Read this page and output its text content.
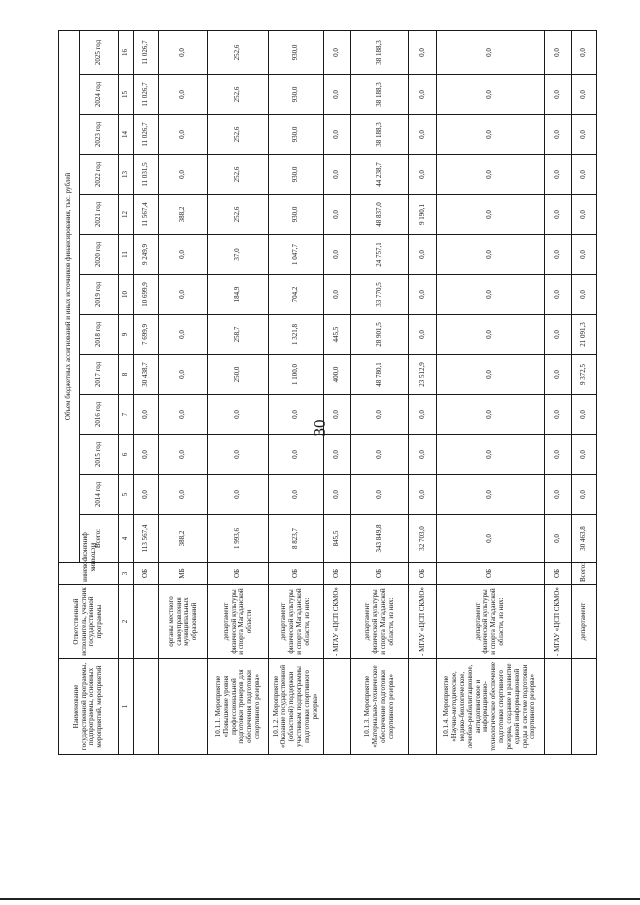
30
Наименование государственной программы, подпрограммы, основных мероприятий, мероприятий	Ответственный исполнитель, участник государственной программы	Источник финансирования	Объем бюджетных ассигнований и иных источников финансирования, тыс. рублей												
			Всего:	2014 год	2015 год	2016 год	2017 год	2018 год	2019 год	2020 год	2021 год	2022 год	2023 год	2024 год	2025 год
1	2	3	4	5	6	7	8	9	10	11	12	13	14	15	16
		ОБ	113 567,4	0,0	0,0	0,0	30 438,7	7 699,9	10 699,9	9 249,9	11 567,4	11 031,5	11 026,7	11 026,7	11 026,7
	органы местного самоуправления муниципальных образований	МБ	388,2	0,0	0,0	0,0	0,0	0,0	0,0	0,0	388,2	0,0	0,0	0,0	0,0
10.1.1. Мероприятие «Повышение уровня профессиональной подготовки тренеров для обеспечения подготовки спортивного резерва»	департамент физической культуры и спорта Магаданской области	ОБ	1 993,6	0,0	0,0	0,0	250,0	258,7	184,9	37,0	252,6	252,6	252,6	252,6	252,6
10.1.2. Мероприятие «Оказание государственной (областной) поддержки участникам подпрограммы подготовки спортивного резерва»	департамент физической культуры и спорта Магаданской области, из них:	ОБ	8 823,7	0,0	0,0	0,0	1 100,0	1 321,8	704,2	1 047,7	930,0	930,0	930,0	930,0	930,0
	- МГАУ «ЦСП СКМО»	ОБ	845,5	0,0	0,0	0,0	400,0	445,5	0,0	0,0	0,0	0,0	0,0	0,0	0,0
10.1.3. Мероприятие «Материально-техническое обеспечение подготовки спортивного резерва»	департамент физической культуры и спорта Магаданской области, из них:	ОБ	343 849,8	0,0	0,0	0,0	48 780,1	28 901,5	33 770,5	24 757,1	48 837,0	44 238,7	38 188,3	38 188,3	38 188,3
	- МГАУ «ЦСП СКМО»	ОБ	32 703,0	0,0	0,0	0,0	23 512,9	0,0	0,0	0,0	9 190,1	0,0	0,0	0,0	0,0
10.1.4. Мероприятие «Научно-методическое, медико-биологическое, лечебно-реабилитационное, антидопинговое и информационно-технологическое обеспечение подготовки спортивного резерва, создание и развитие единой информационной среды в системе подготовки спортивного резерва»	департамент физической культуры и спорта Магаданской области, из них:	ОБ	0,0	0,0	0,0	0,0	0,0	0,0	0,0	0,0	0,0	0,0	0,0	0,0	0,0
	- МГАУ «ЦСП СКМО»	ОБ	0,0	0,0	0,0	0,0	0,0	0,0	0,0	0,0	0,0	0,0	0,0	0,0	0,0
	департамент	Всего:	30 463,8	0,0	0,0	0,0	9 372,5	21 091,3	0,0	0,0	0,0	0,0	0,0	0,0	0,0
